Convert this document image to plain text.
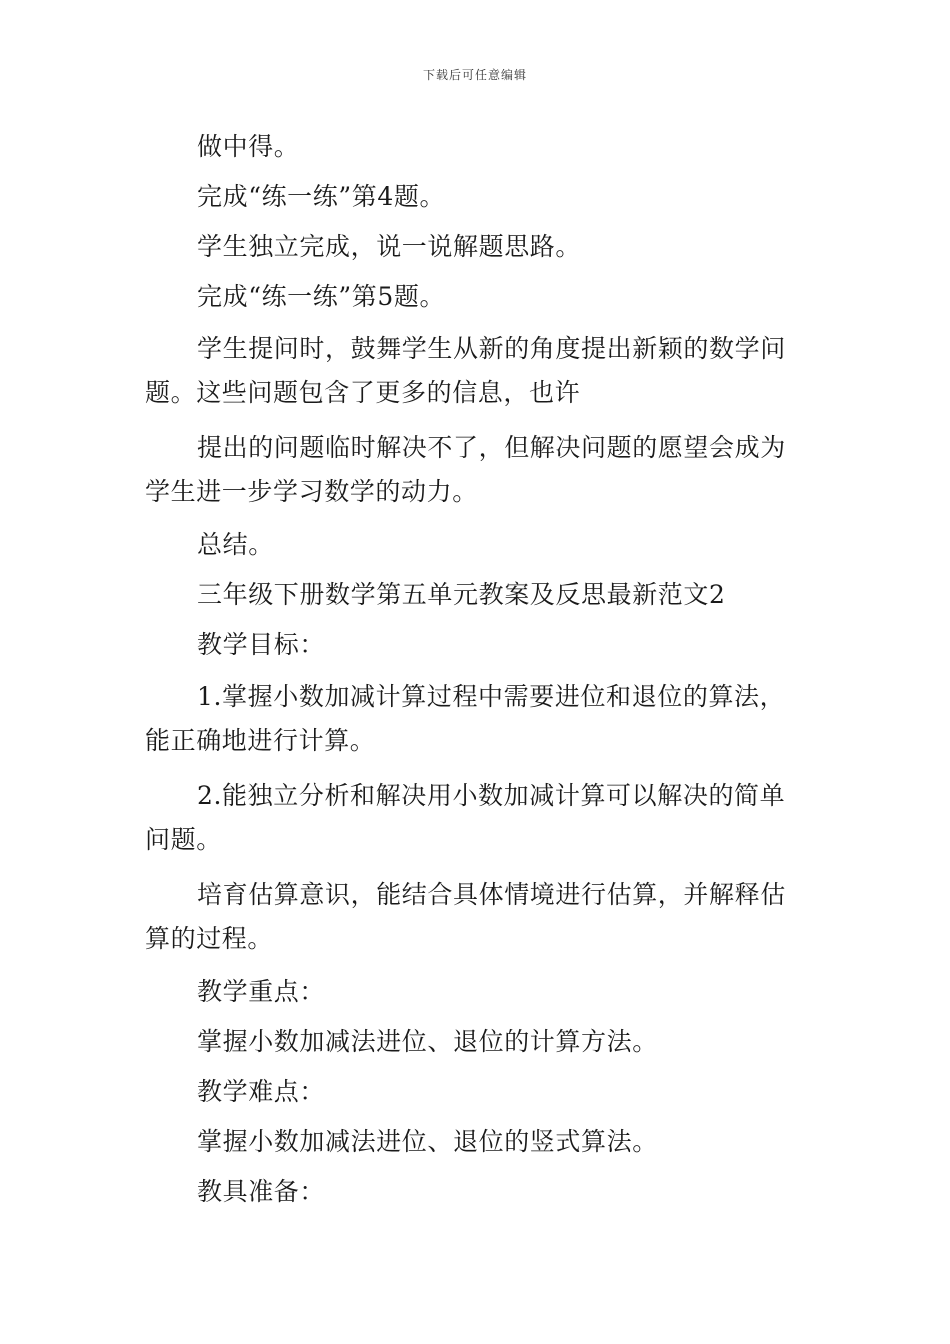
下载后可任意编辑

做中得。

完成“练一练”第4题。

学生独立完成，说一说解题思路。

完成“练一练”第5题。

学生提问时，鼓舞学生从新的角度提出新颖的数学问题。这些问题包含了更多的信息，也许

提出的问题临时解决不了，但解决问题的愿望会成为学生进一步学习数学的动力。

总结。

三年级下册数学第五单元教案及反思最新范文2

教学目标：

1.掌握小数加减计算过程中需要进位和退位的算法，能正确地进行计算。

2.能独立分析和解决用小数加减计算可以解决的简单问题。

培育估算意识，能结合具体情境进行估算，并解释估算的过程。

教学重点：

掌握小数加减法进位、退位的计算方法。

教学难点：

掌握小数加减法进位、退位的竖式算法。

教具准备：
